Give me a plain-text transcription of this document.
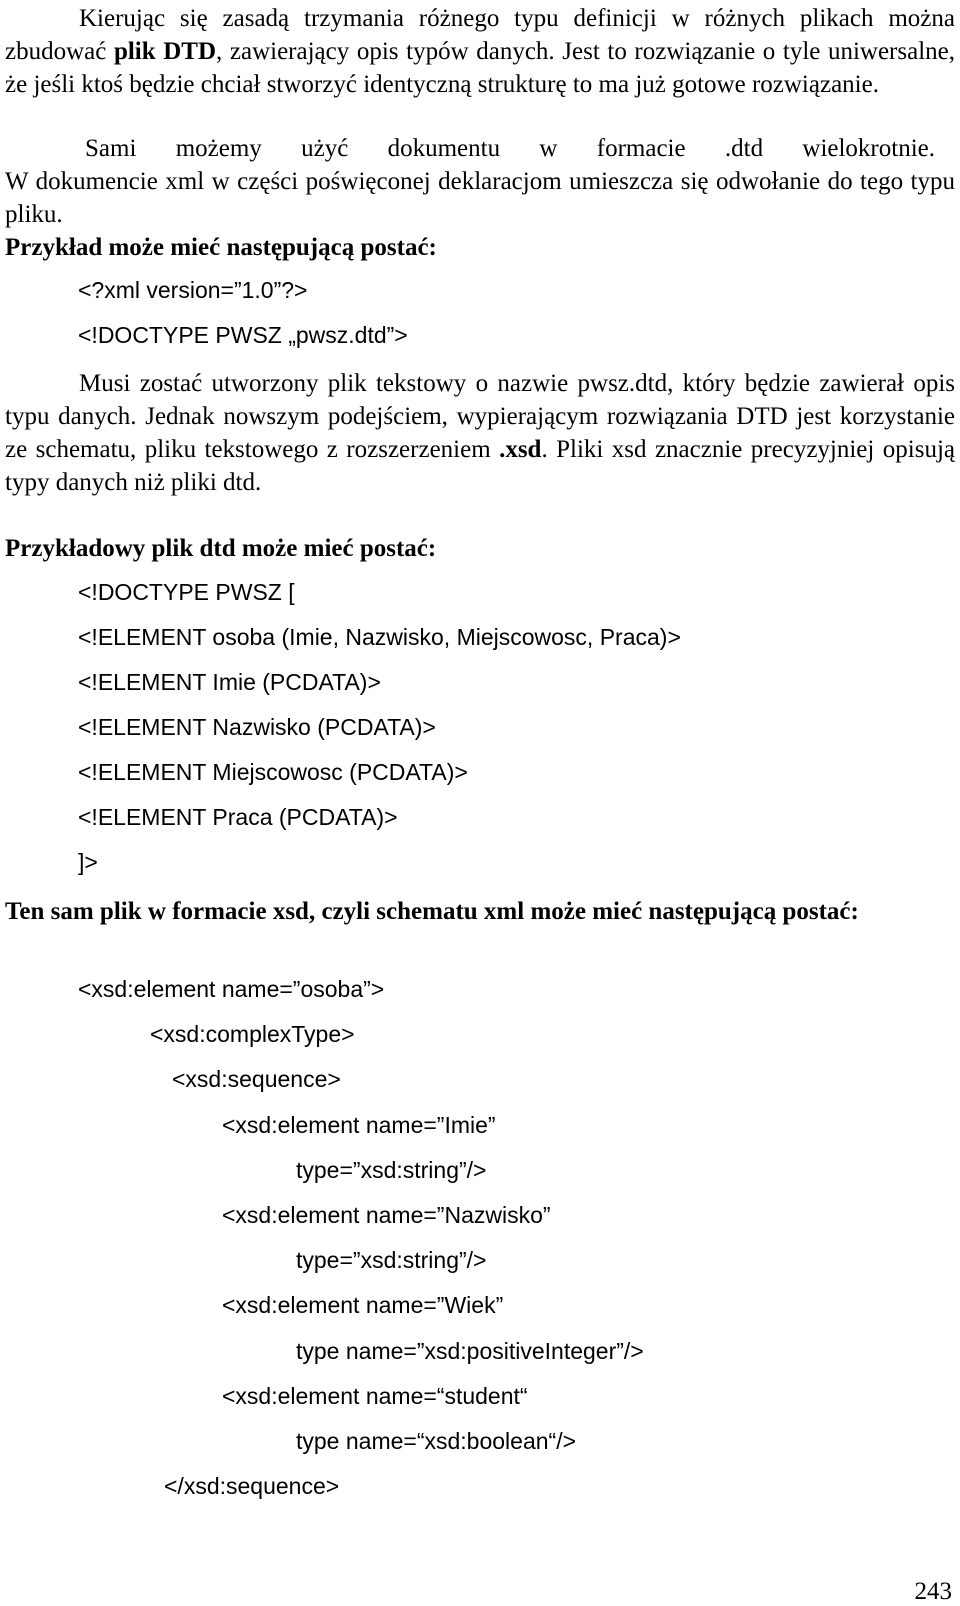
Kierując się zasadą trzymania różnego typu definicji w różnych plikach można zbudować plik DTD, zawierający opis typów danych. Jest to rozwiązanie o tyle uniwersalne, że jeśli ktoś będzie chciał stworzyć identyczną strukturę to ma już gotowe rozwiązanie.

Sami możemy użyć dokumentu w formacie .dtd wielokrotnie.

W dokumencie xml w części poświęconej deklaracjom umieszcza się odwołanie do tego typu pliku.

Przykład może mieć następującą postać:

<?xml version=”1.0”?>
<!DOCTYPE PWSZ „pwsz.dtd”>

Musi zostać utworzony plik tekstowy o nazwie pwsz.dtd, który będzie zawierał opis typu danych. Jednak nowszym podejściem, wypierającym rozwiązania DTD jest korzystanie ze schematu, pliku tekstowego z rozszerzeniem .xsd. Pliki xsd znacznie precyzyjniej opisują typy danych niż pliki dtd.

Przykładowy plik dtd może mieć postać:

<!DOCTYPE PWSZ [
<!ELEMENT osoba (Imie, Nazwisko, Miejscowosc, Praca)>
<!ELEMENT Imie (PCDATA)>
<!ELEMENT Nazwisko (PCDATA)>
<!ELEMENT Miejscowosc (PCDATA)>
<!ELEMENT Praca (PCDATA)>
]>

Ten sam plik w formacie xsd, czyli schematu xml może mieć następującą postać:

<xsd:element name=”osoba”>
<xsd:complexType>
<xsd:sequence>
<xsd:element name=”Imie”
type=”xsd:string”/>
<xsd:element name=”Nazwisko”
type=”xsd:string”/>
<xsd:element name=”Wiek”
type name=”xsd:positiveInteger”/>
<xsd:element name=“student“
type name=“xsd:boolean“/>
</xsd:sequence>
243
